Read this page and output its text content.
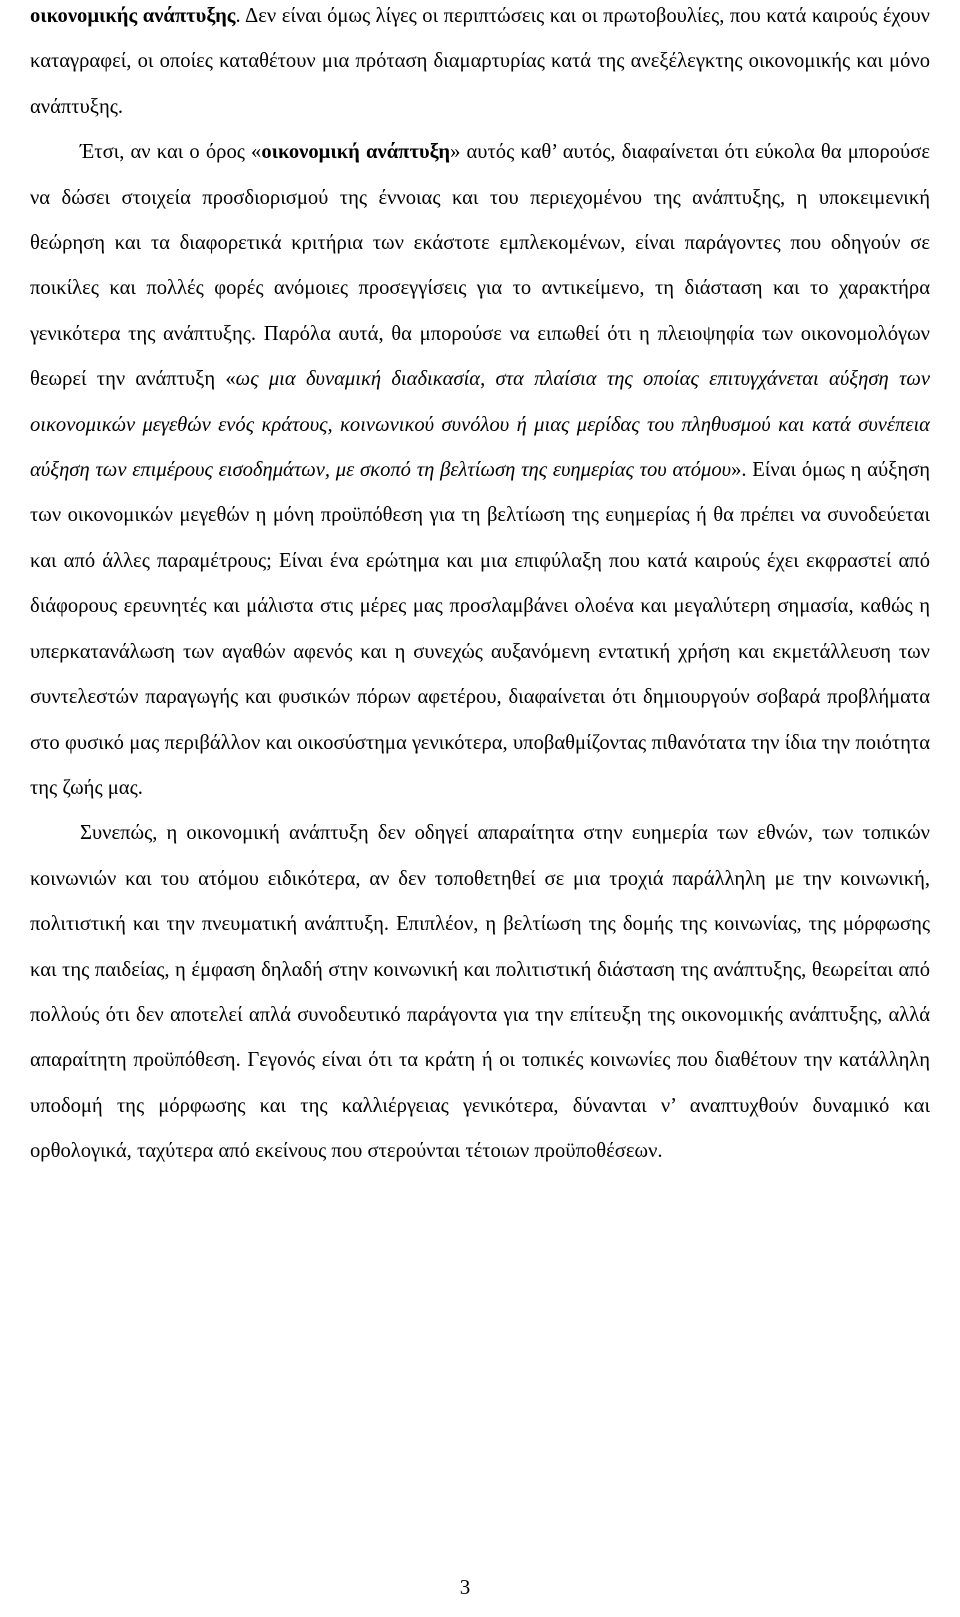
οικονομικής ανάπτυξης. Δεν είναι όμως λίγες οι περιπτώσεις και οι πρωτοβουλίες, που κατά καιρούς έχουν καταγραφεί, οι οποίες καταθέτουν μια πρόταση διαμαρτυρίας κατά της ανεξέλεγκτης οικονομικής και μόνο ανάπτυξης.

Έτσι, αν και ο όρος «οικονομική ανάπτυξη» αυτός καθ’ αυτός, διαφαίνεται ότι εύκολα θα μπορούσε να δώσει στοιχεία προσδιορισμού της έννοιας και του περιεχομένου της ανάπτυξης, η υποκειμενική θεώρηση και τα διαφορετικά κριτήρια των εκάστοτε εμπλεκομένων, είναι παράγοντες που οδηγούν σε ποικίλες και πολλές φορές ανόμοιες προσεγγίσεις για το αντικείμενο, τη διάσταση και το χαρακτήρα γενικότερα της ανάπτυξης. Παρόλα αυτά, θα μπορούσε να ειπωθεί ότι η πλειοψηφία των οικονομολόγων θεωρεί την ανάπτυξη «ως μια δυναμική διαδικασία, στα πλαίσια της οποίας επιτυγχάνεται αύξηση των οικονομικών μεγεθών ενός κράτους, κοινωνικού συνόλου ή μιας μερίδας του πληθυσμού και κατά συνέπεια αύξηση των επιμέρους εισοδημάτων, με σκοπό τη βελτίωση της ευημερίας του ατόμου». Είναι όμως η αύξηση των οικονομικών μεγεθών η μόνη προϋπόθεση για τη βελτίωση της ευημερίας ή θα πρέπει να συνοδεύεται και από άλλες παραμέτρους; Είναι ένα ερώτημα και μια επιφύλαξη που κατά καιρούς έχει εκφραστεί από διάφορους ερευνητές και μάλιστα στις μέρες μας προσλαμβάνει ολοένα και μεγαλύτερη σημασία, καθώς η υπερκατανάλωση των αγαθών αφενός και η συνεχώς αυξανόμενη εντατική χρήση και εκμετάλλευση των συντελεστών παραγωγής και φυσικών πόρων αφετέρου, διαφαίνεται ότι δημιουργούν σοβαρά προβλήματα στο φυσικό μας περιβάλλον και οικοσύστημα γενικότερα, υποβαθμίζοντας πιθανότατα την ίδια την ποιότητα της ζωής μας.

Συνεπώς, η οικονομική ανάπτυξη δεν οδηγεί απαραίτητα στην ευημερία των εθνών, των τοπικών κοινωνιών και του ατόμου ειδικότερα, αν δεν τοποθετηθεί σε μια τροχιά παράλληλη με την κοινωνική, πολιτιστική και την πνευματική ανάπτυξη. Επιπλέον, η βελτίωση της δομής της κοινωνίας, της μόρφωσης και της παιδείας, η έμφαση δηλαδή στην κοινωνική και πολιτιστική διάσταση της ανάπτυξης, θεωρείται από πολλούς ότι δεν αποτελεί απλά συνοδευτικό παράγοντα για την επίτευξη της οικονομικής ανάπτυξης, αλλά απαραίτητη προϋπόθεση. Γεγονός είναι ότι τα κράτη ή οι τοπικές κοινωνίες που διαθέτουν την κατάλληλη υποδομή της μόρφωσης και της καλλιέργειας γενικότερα, δύνανται ν’ αναπτυχθούν δυναμικό και ορθολογικά, ταχύτερα από εκείνους που στερούνται τέτοιων προϋποθέσεων.

3
